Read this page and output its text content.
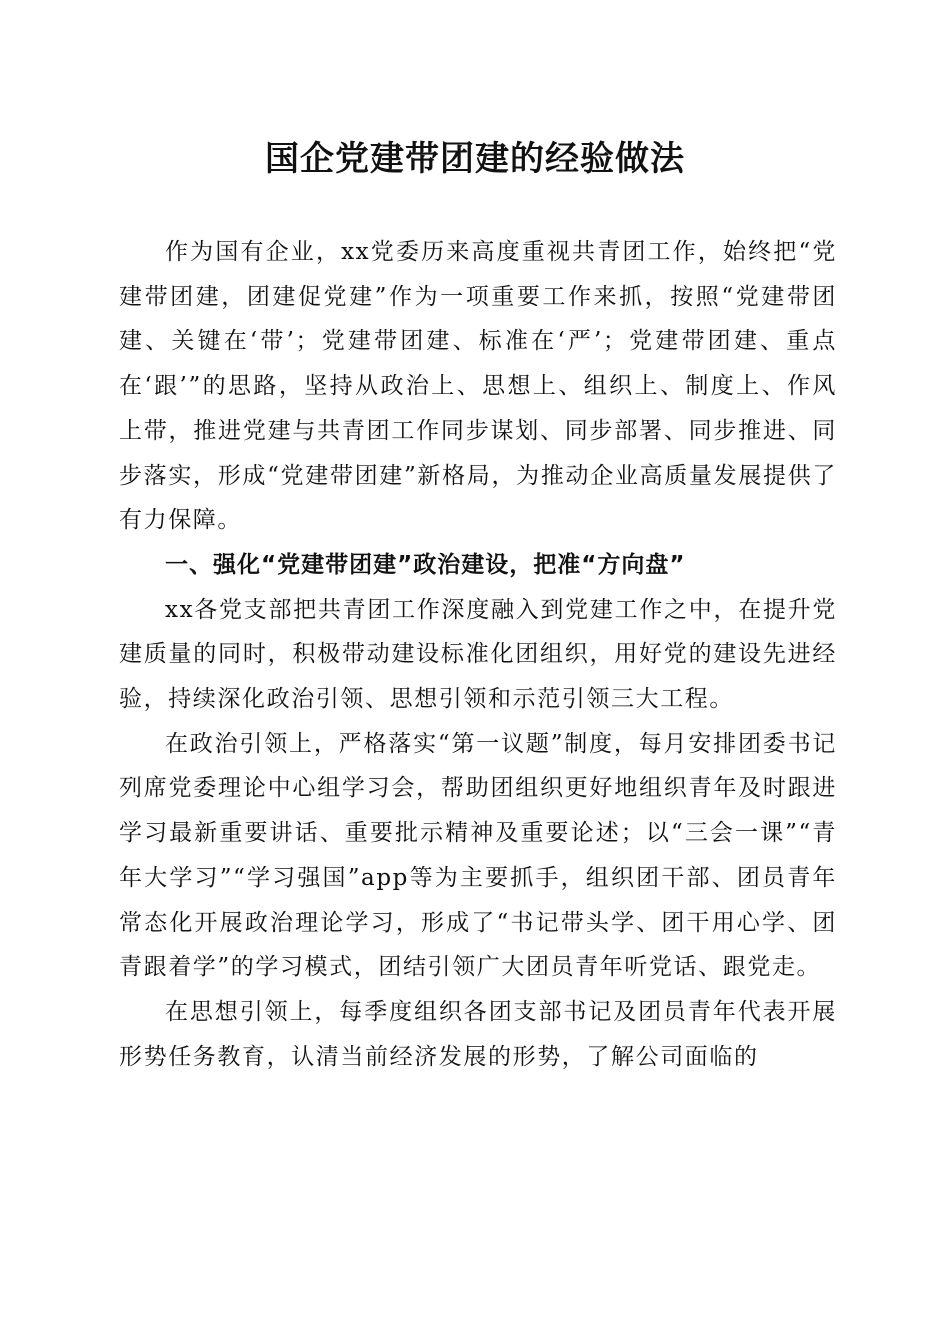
国企党建带团建的经验做法

作为国有企业，xx党委历来高度重视共青团工作，始终把“党建带团建，团建促党建”作为一项重要工作来抓，按照“党建带团建、关键在‘带’；党建带团建、标准在‘严’；党建带团建、重点在‘跟’”的思路，坚持从政治上、思想上、组织上、制度上、作风上带，推进党建与共青团工作同步谋划、同步部署、同步推进、同步落实，形成“党建带团建”新格局，为推动企业高质量发展提供了有力保障。

一、强化“党建带团建”政治建设，把准“方向盘”

xx各党支部把共青团工作深度融入到党建工作之中，在提升党建质量的同时，积极带动建设标准化团组织，用好党的建设先进经验，持续深化政治引领、思想引领和示范引领三大工程。

在政治引领上，严格落实“第一议题”制度，每月安排团委书记列席党委理论中心组学习会，帮助团组织更好地组织青年及时跟进学习最新重要讲话、重要批示精神及重要论述；以“三会一课”“青年大学习”“学习强国”app等为主要抓手，组织团干部、团员青年常态化开展政治理论学习，形成了“书记带头学、团干用心学、团青跟着学”的学习模式，团结引领广大团员青年听党话、跟党走。

在思想引领上，每季度组织各团支部书记及团员青年代表开展形势任务教育，认清当前经济发展的形势，了解公司面临的
